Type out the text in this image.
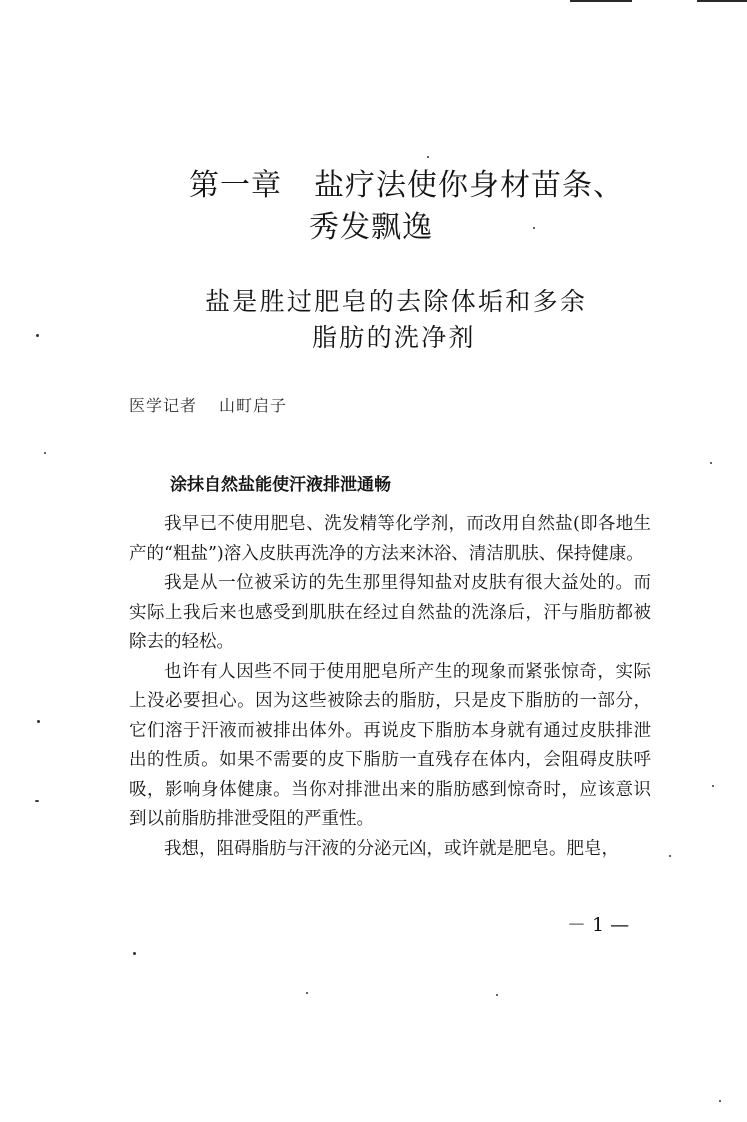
第一章 盐疗法使你身材苗条、
秀发飘逸
盐是胜过肥皂的去除体垢和多余
脂肪的洗净剂
医学记者 山町启子
涂抹自然盐能使汗液排泄通畅

我早已不使用肥皂、洗发精等化学剂，而改用自然盐(即各地生产的“粗盐”)溶入皮肤再洗净的方法来沐浴、清洁肌肤、保持健康。

我是从一位被采访的先生那里得知盐对皮肤有很大益处的。而实际上我后来也感受到肌肤在经过自然盐的洗涤后，汗与脂肪都被除去的轻松。

也许有人因些不同于使用肥皂所产生的现象而紧张惊奇，实际上没必要担心。因为这些被除去的脂肪，只是皮下脂肪的一部分，它们溶于汗液而被排出体外。再说皮下脂肪本身就有通过皮肤排泄出的性质。如果不需要的皮下脂肪一直残存在体内，会阻碍皮肤呼吸，影响身体健康。当你对排泄出来的脂肪感到惊奇时，应该意识到以前脂肪排泄受阻的严重性。

我想，阻碍脂肪与汗液的分泌元凶，或许就是肥皂。肥皂，

－ 1 —
